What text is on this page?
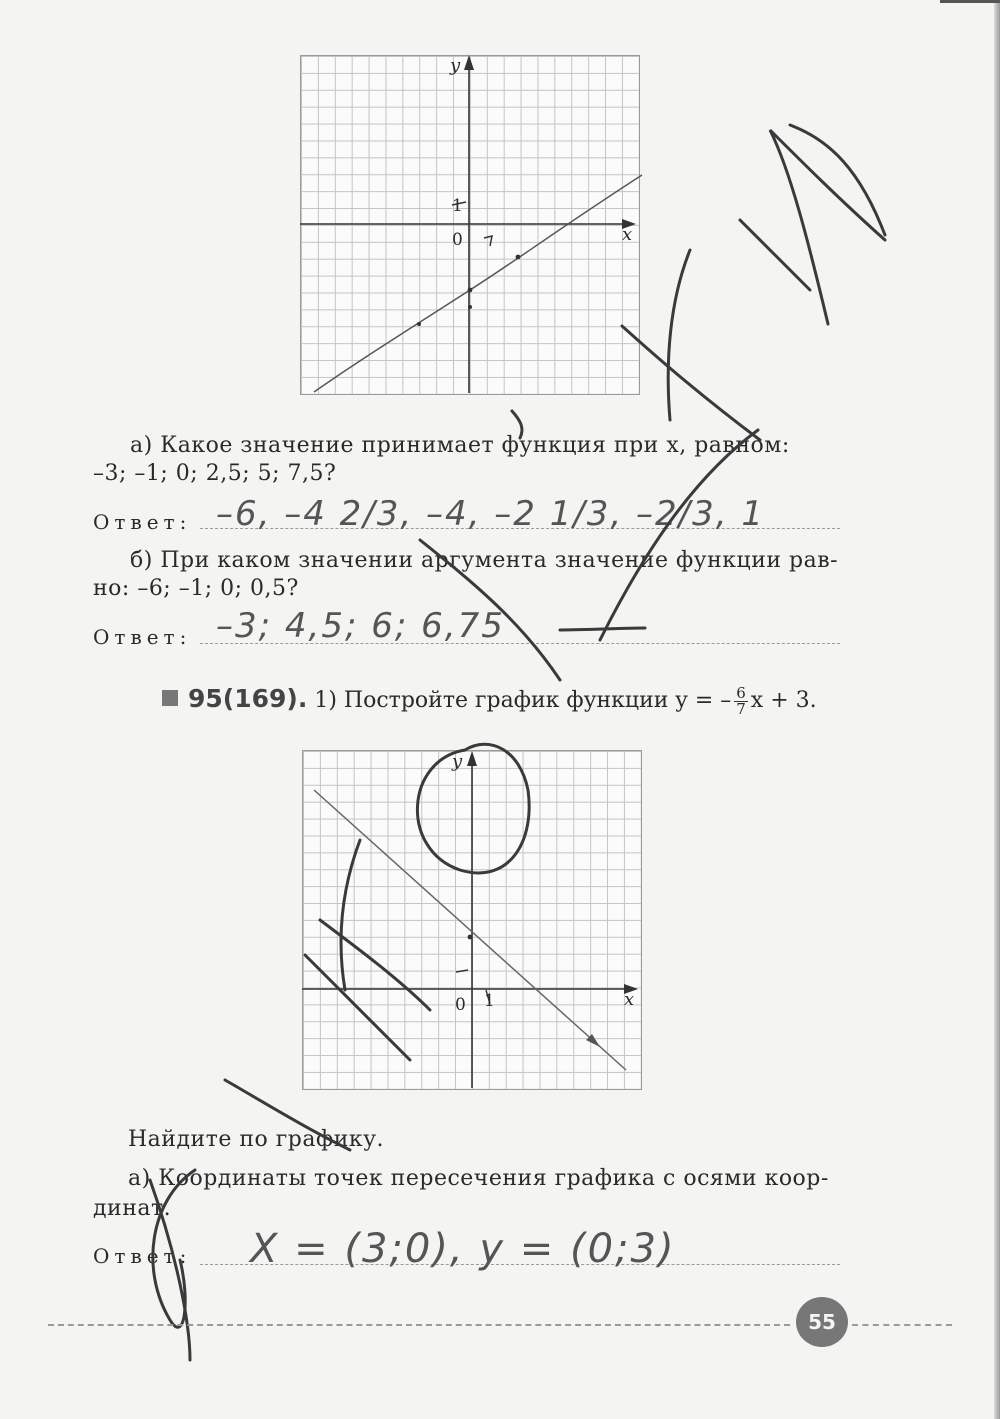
y
x
0
1
а) Какое значение принимает функция при x, равном:
–3; –1; 0; 2,5; 5; 7,5?
Ответ: –6, –4 2/3, –4, –2 1/3, –2/3, 1
б) При каком значении аргумента значение функции рав-
но: –6; –1; 0; 0,5?
Ответ: –3; 4,5; 6; 6,75
95(169). 1) Постройте график функции y = – $\frac{6}{7}$ x + 3.
y
x
0 1
Найдите по графику.
а) Координаты точек пересечения графика с осями коор-
динат.
Ответ: X = (3;0), y = (0;3)
55
